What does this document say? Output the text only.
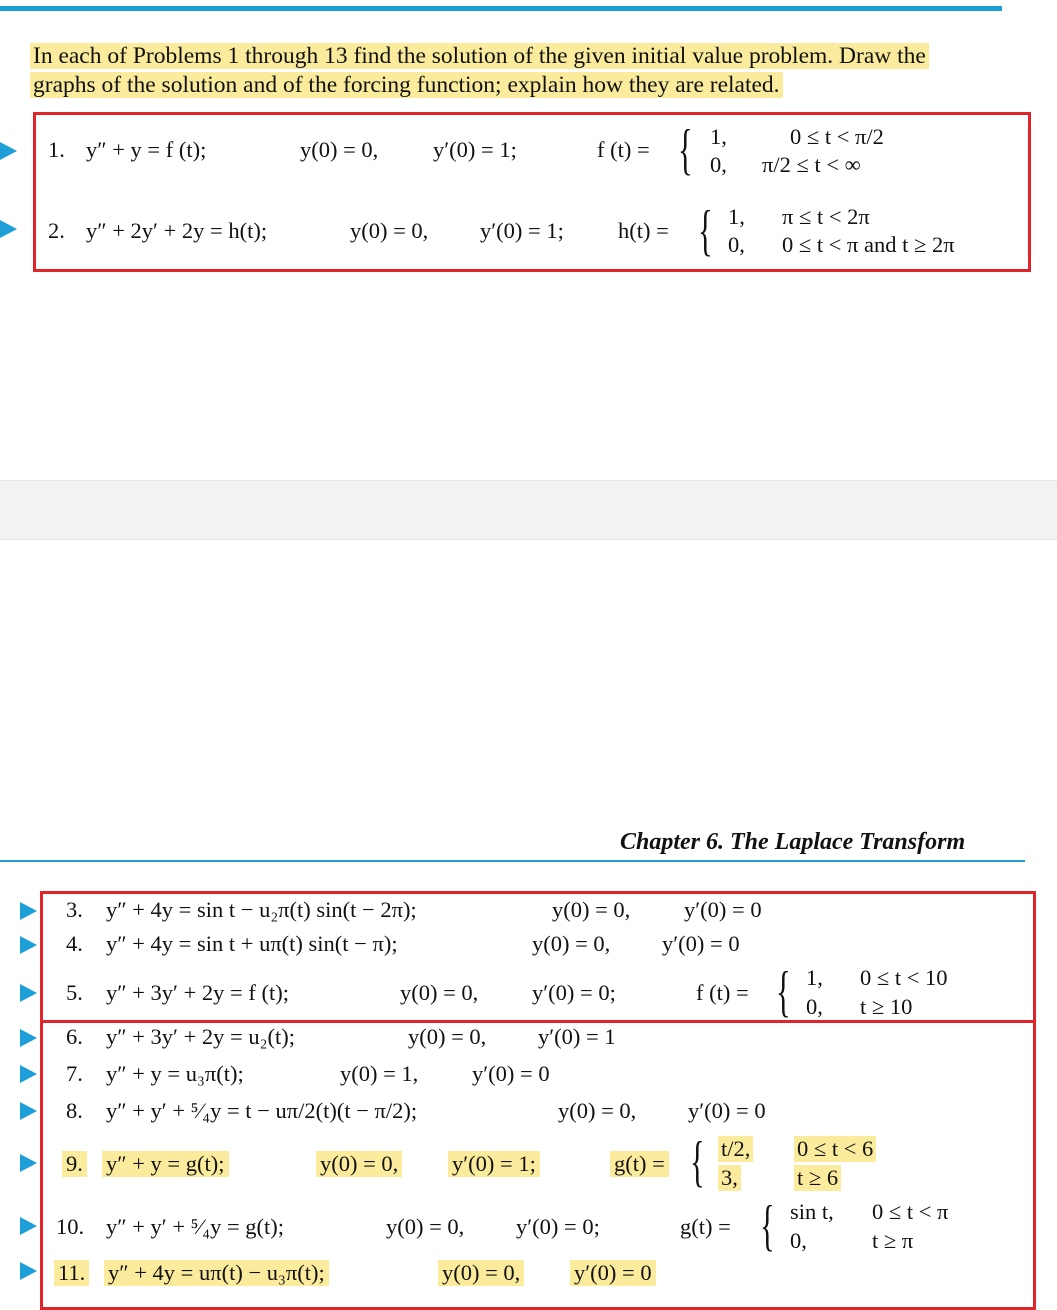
In each of Problems 1 through 13 find the solution of the given initial value problem. Draw the
graphs of the solution and of the forcing function; explain how they are related.
1. y″ + y = f (t);	y(0) = 0, y′(0) = 1;	f (t) = { 1,	0 ≤ t < π/2
0, π/2 ≤ t < ∞
2. y″ + 2y′ + 2y = h(t);	y(0) = 0, y′(0) = 1; h(t) = { 1, π ≤ t < 2π
0, 0 ≤ t < π and t ≥ 2π
Chapter 6. The Laplace Transform
3. y″ + 4y = sin t − u₂π(t) sin(t − 2π);	y(0) = 0, y′(0) = 0
4. y″ + 4y = sin t + uπ(t) sin(t − π);	y(0) = 0, y′(0) = 0
5. y″ + 3y′ + 2y = f (t);	y(0) = 0, y′(0) = 0;	f (t) = { 1, 0 ≤ t < 10
0, t ≥ 10
6. y″ + 3y′ + 2y = u₂(t);	y(0) = 0, y′(0) = 1
7. y″ + y = u₃π(t);	y(0) = 1, y′(0) = 0
8. y″ + y′ + ⁵⁄₄y = t − uπ/2(t)(t − π/2);	y(0) = 0, y′(0) = 0
9. y″ + y = g(t);	y(0) = 0, y′(0) = 1;	g(t) = { t/2, 0 ≤ t < 6
3,	t ≥ 6
10. y″ + y′ + ⁵⁄₄y = g(t);	y(0) = 0, y′(0) = 0;	g(t) = { sin t, 0 ≤ t < π
0,	t ≥ π
11. y″ + 4y = uπ(t) − u₃π(t);	y(0) = 0, y′(0) = 0
